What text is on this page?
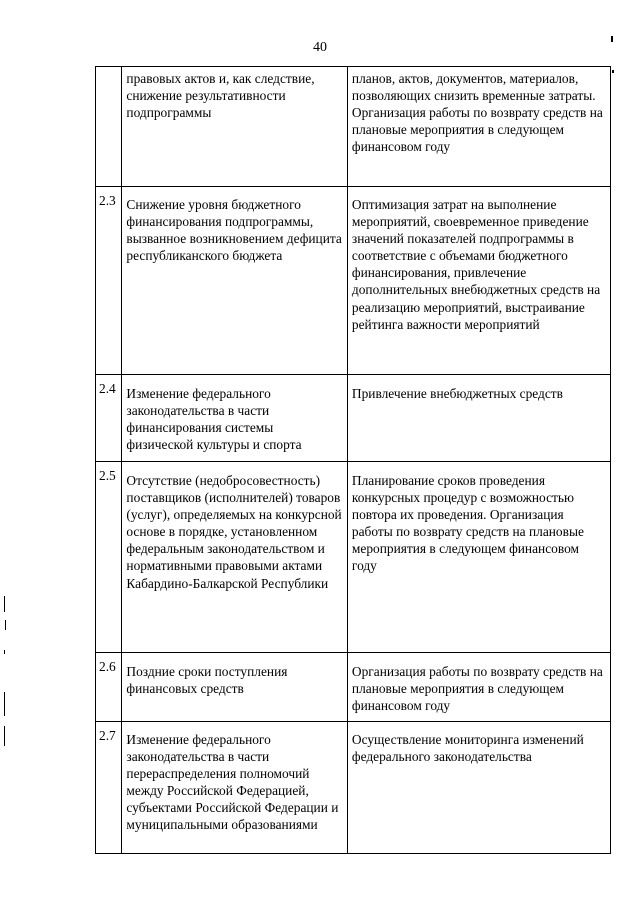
40
	правовых актов и, как следствие, снижение результативности подпрограммы	планов, актов, документов, материалов, позволяющих снизить временные затраты. Организация работы по возврату средств на плановые мероприятия в следующем финансовом году
2.3	Снижение уровня бюджетного финансирования подпрограммы, вызванное возникновением дефицита республиканского бюджета	Оптимизация затрат на выполнение мероприятий, своевременное приведение значений показателей подпрограммы в соответствие с объемами бюджетного финансирования, привлечение дополнительных внебюджетных средств на реализацию мероприятий, выстраивание рейтинга важности мероприятий
2.4	Изменение федерального законодательства в части финансирования системы физической культуры и спорта	Привлечение внебюджетных средств
2.5	Отсутствие (недобросовестность) поставщиков (исполнителей) товаров (услуг), определяемых на конкурсной основе в порядке, установленном федеральным законодательством и нормативными правовыми актами Кабардино-Балкарской Республики	Планирование сроков проведения конкурсных процедур с возможностью повтора их проведения. Организация работы по возврату средств на плановые мероприятия в следующем финансовом году
2.6	Поздние сроки поступления финансовых средств	Организация работы по возврату средств на плановые мероприятия в следующем финансовом году
2.7	Изменение федерального законодательства в части перераспределения полномочий между Российской Федерацией, субъектами Российской Федерации и муниципальными образованиями	Осуществление мониторинга изменений федерального законодательства
